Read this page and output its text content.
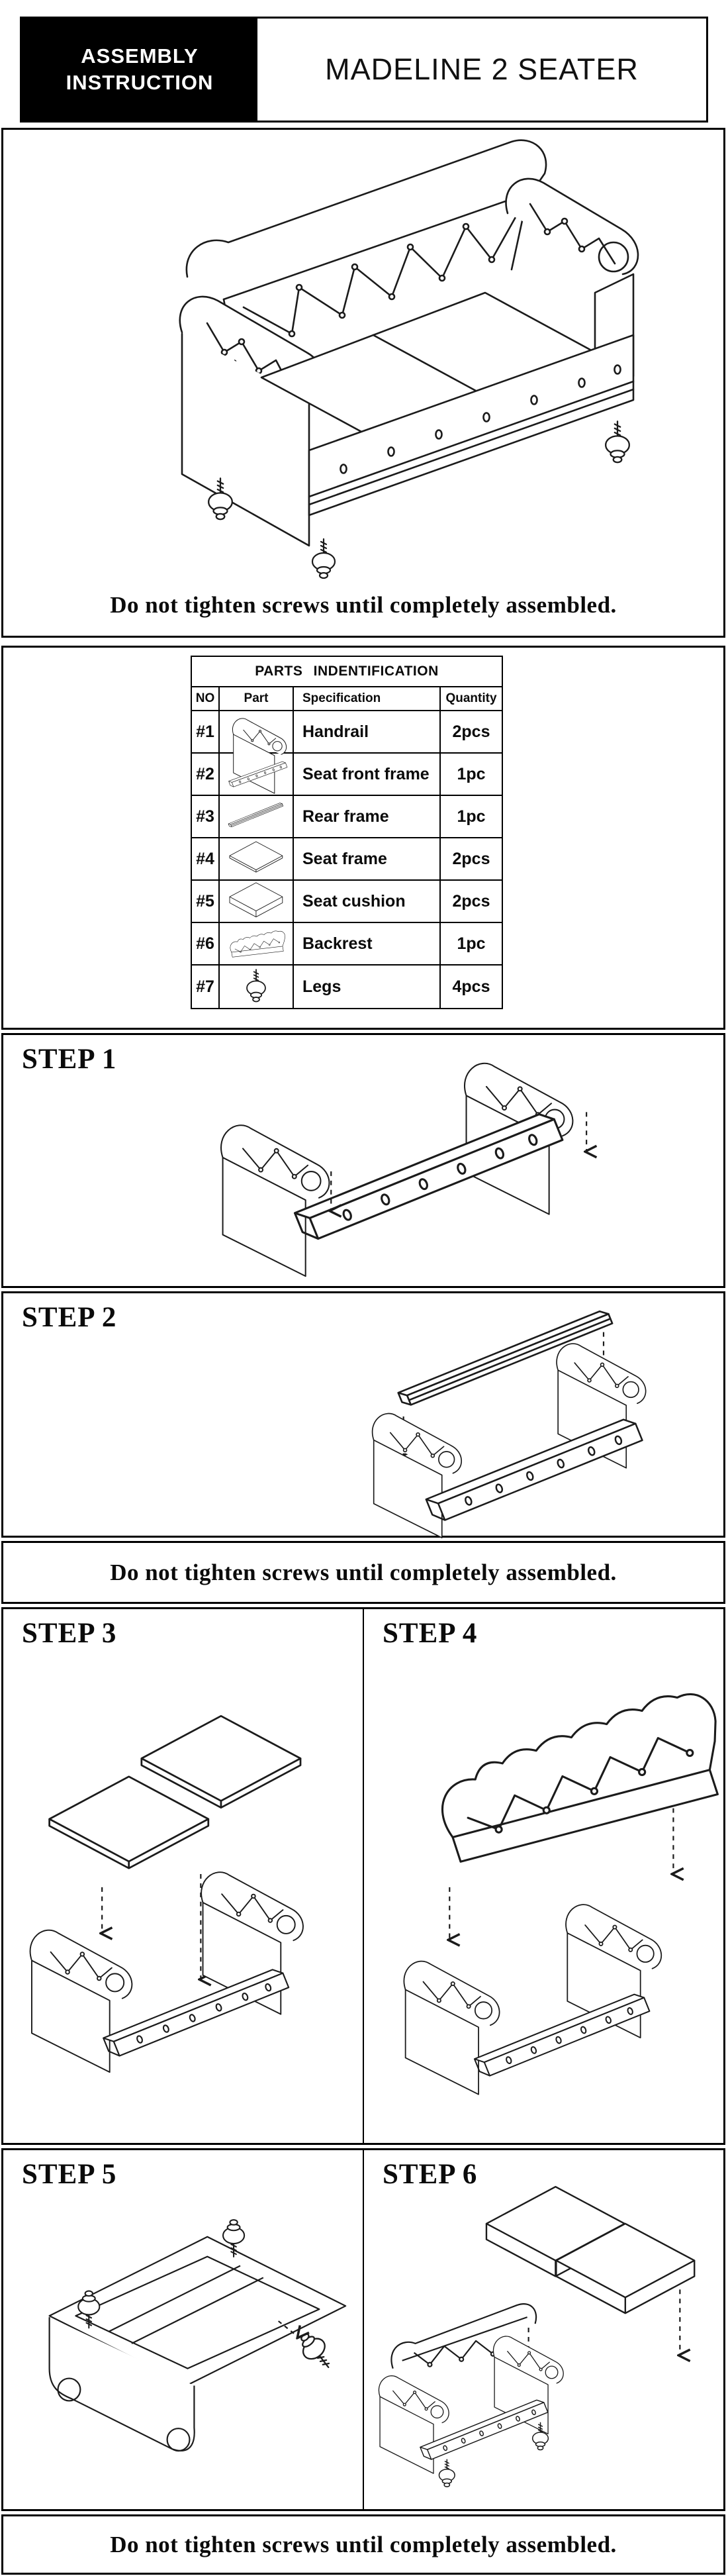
ASSEMBLY
INSTRUCTION	MADELINE 2 SEATER
Do not tighten screws until completely assembled.
PARTS INDENTIFICATION
NO	Part	Specification	Quantity
#1	Handrail	2pcs
#2	Seat front frame	1pc
#3	Rear frame	1pc
#4	Seat frame	2pcs
#5	Seat cushion	2pcs
#6	Backrest	1pc
#7	Legs	4pcs
STEP 1
STEP 2
Do not tighten screws until completely assembled.
STEP 3	STEP 4
STEP 5	STEP 6
Do not tighten screws until completely assembled.
